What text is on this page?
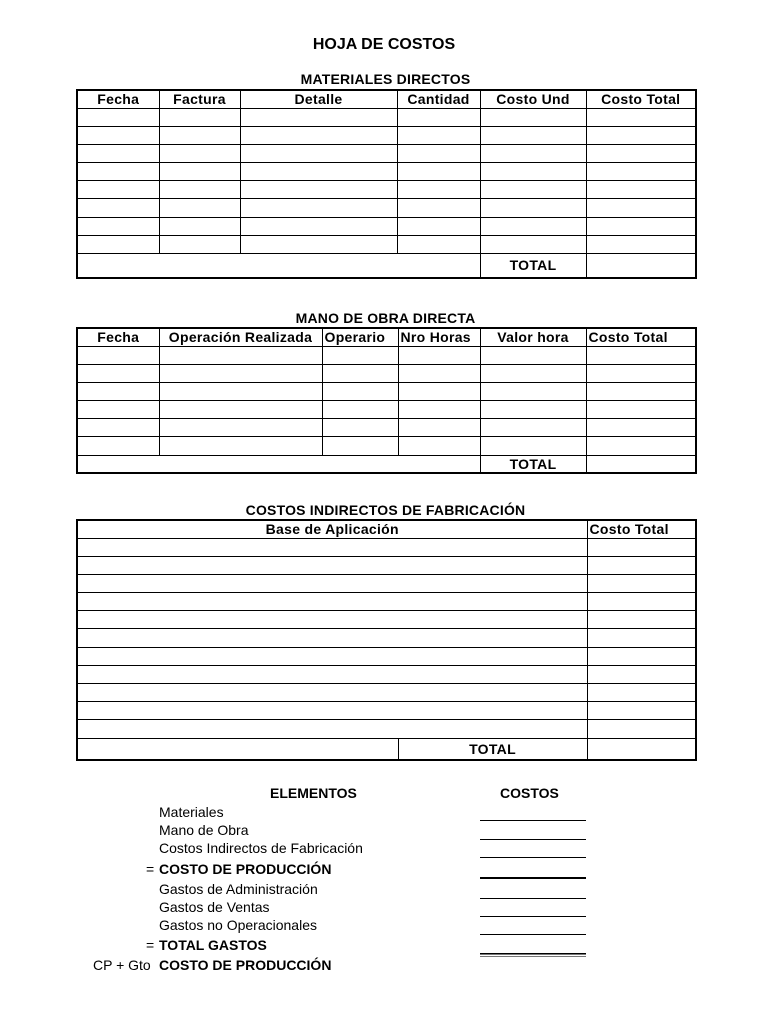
HOJA DE COSTOS
MATERIALES DIRECTOS
Fecha	Factura	Detalle	Cantidad	Costo Und	Costo Total

				TOTAL	
MANO DE OBRA DIRECTA
Fecha	Operación Realizada	Operario	Nro Horas	Valor hora	Costo Total

				TOTAL	
COSTOS INDIRECTOS DE FABRICACIÓN
Base de Aplicación		Costo Total

	TOTAL	
ELEMENTOS	COSTOS
Materiales
Mano de Obra
Costos Indirectos de Fabricación
= COSTO DE PRODUCCIÓN
Gastos de Administración
Gastos de Ventas
Gastos no Operacionales
= TOTAL GASTOS
CP + Gto COSTO DE PRODUCCIÓN
